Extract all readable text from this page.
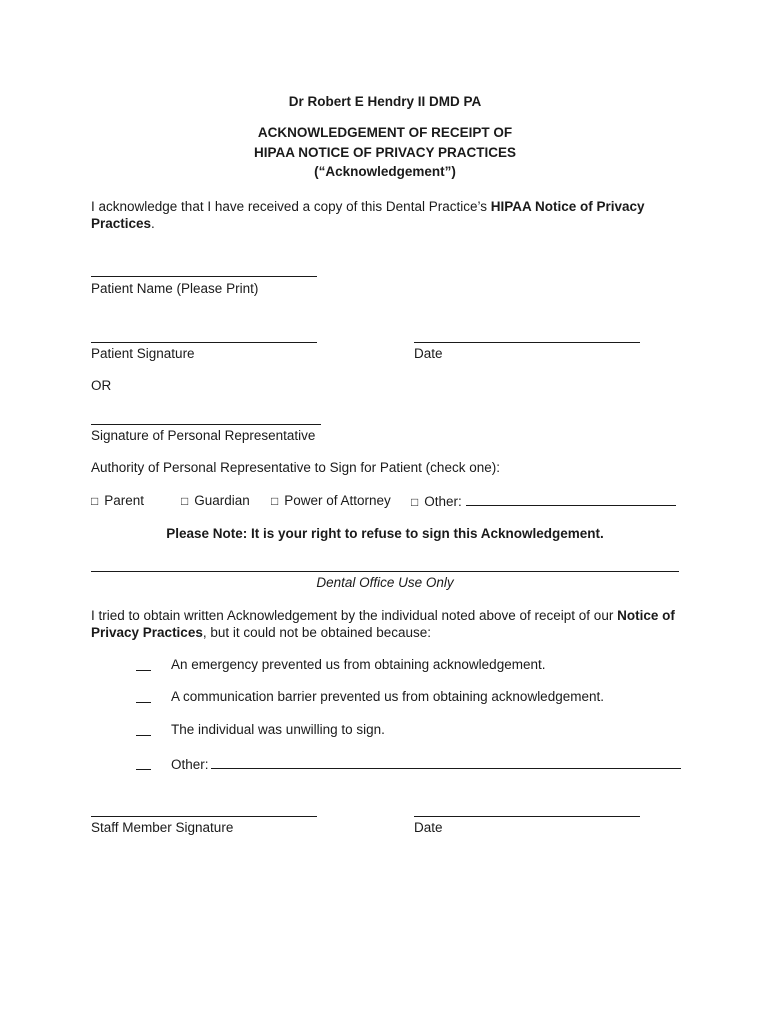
Dr Robert E Hendry II DMD PA
ACKNOWLEDGEMENT OF RECEIPT OF
HIPAA NOTICE OF PRIVACY PRACTICES
(“Acknowledgement”)
I acknowledge that I have received a copy of this Dental Practice’s HIPAA Notice of Privacy Practices.
Patient Name (Please Print)
Patient Signature	Date
OR
Signature of Personal Representative
Authority of Personal Representative to Sign for Patient (check one):
□ Parent	□ Guardian □ Power of Attorney □ Other:
Please Note: It is your right to refuse to sign this Acknowledgement.
Dental Office Use Only
I tried to obtain written Acknowledgement by the individual noted above of receipt of our Notice of Privacy Practices, but it could not be obtained because:
An emergency prevented us from obtaining acknowledgement.
A communication barrier prevented us from obtaining acknowledgement.
The individual was unwilling to sign.
Other:
Staff Member Signature	Date
